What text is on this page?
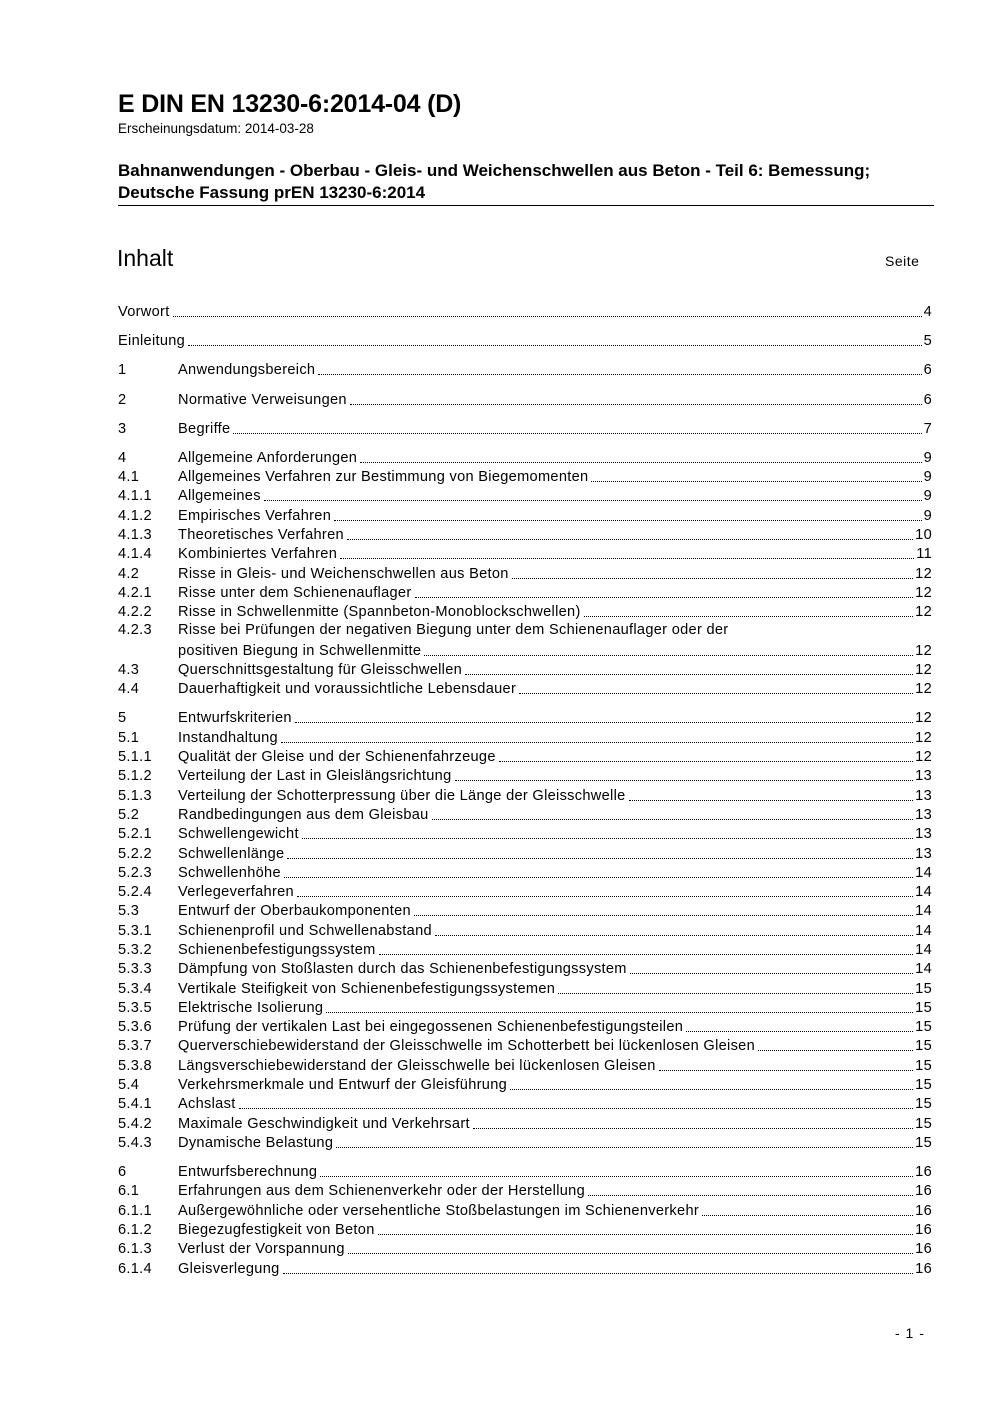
E DIN EN 13230-6:2014-04 (D)
Erscheinungsdatum: 2014-03-28
Bahnanwendungen - Oberbau - Gleis- und Weichenschwellen aus Beton - Teil 6: Bemessung; Deutsche Fassung prEN 13230-6:2014
Inhalt	Seite
Vorwort	4
Einleitung	5
1	Anwendungsbereich	6
2	Normative Verweisungen	6
3	Begriffe	7
4	Allgemeine Anforderungen	9
4.1	Allgemeines Verfahren zur Bestimmung von Biegemomenten	9
4.1.1	Allgemeines	9
4.1.2	Empirisches Verfahren	9
4.1.3	Theoretisches Verfahren	10
4.1.4	Kombiniertes Verfahren	11
4.2	Risse in Gleis- und Weichenschwellen aus Beton	12
4.2.1	Risse unter dem Schienenauflager	12
4.2.2	Risse in Schwellenmitte (Spannbeton-Monoblockschwellen)	12
4.2.3	Risse bei Prüfungen der negativen Biegung unter dem Schienenauflager oder der
positiven Biegung in Schwellenmitte	12
4.3	Querschnittsgestaltung für Gleisschwellen	12
4.4	Dauerhaftigkeit und voraussichtliche Lebensdauer	12
5	Entwurfskriterien	12
5.1	Instandhaltung	12
5.1.1	Qualität der Gleise und der Schienenfahrzeuge	12
5.1.2	Verteilung der Last in Gleislängsrichtung	13
5.1.3	Verteilung der Schotterpressung über die Länge der Gleisschwelle	13
5.2	Randbedingungen aus dem Gleisbau	13
5.2.1	Schwellengewicht	13
5.2.2	Schwellenlänge	13
5.2.3	Schwellenhöhe	14
5.2.4	Verlegeverfahren	14
5.3	Entwurf der Oberbaukomponenten	14
5.3.1	Schienenprofil und Schwellenabstand	14
5.3.2	Schienenbefestigungssystem	14
5.3.3	Dämpfung von Stoßlasten durch das Schienenbefestigungssystem	14
5.3.4	Vertikale Steifigkeit von Schienenbefestigungssystemen	15
5.3.5	Elektrische Isolierung	15
5.3.6	Prüfung der vertikalen Last bei eingegossenen Schienenbefestigungsteilen	15
5.3.7	Querverschiebewiderstand der Gleisschwelle im Schotterbett bei lückenlosen Gleisen	15
5.3.8	Längsverschiebewiderstand der Gleisschwelle bei lückenlosen Gleisen	15
5.4	Verkehrsmerkmale und Entwurf der Gleisführung	15
5.4.1	Achslast	15
5.4.2	Maximale Geschwindigkeit und Verkehrsart	15
5.4.3	Dynamische Belastung	15
6	Entwurfsberechnung	16
6.1	Erfahrungen aus dem Schienenverkehr oder der Herstellung	16
6.1.1	Außergewöhnliche oder versehentliche Stoßbelastungen im Schienenverkehr	16
6.1.2	Biegezugfestigkeit von Beton	16
6.1.3	Verlust der Vorspannung	16
6.1.4	Gleisverlegung	16
- 1 -
